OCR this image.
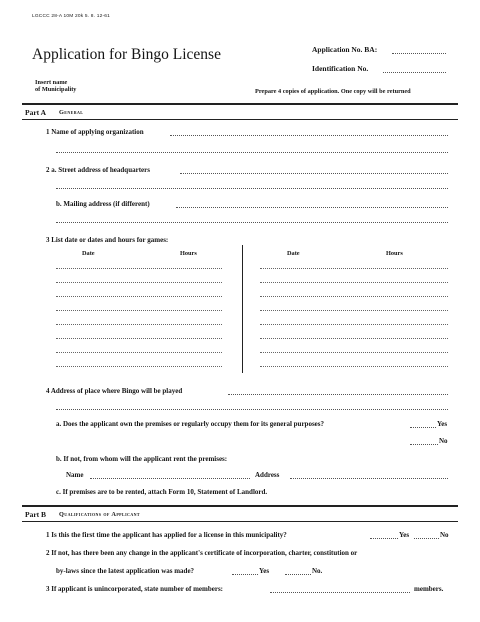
LGCCC 28-A 10M 20k 5. 8. 12-61
Application for Bingo License	Application No. BA:
Identification No.
Insert name
of Municipality	Prepare 4 copies of application. One copy will be returned
Part A General
1 Name of applying organization
2 a. Street address of headquarters
b. Mailing address (if different)
3 List date or dates and hours for games:
Date	Hours	Date	Hours
4 Address of place where Bingo will be played
a. Does the applicant own the premises or regularly occupy them for its general purposes?	Yes
No
b. If not, from whom will the applicant rent the premises:
Name	Address
c. If premises are to be rented, attach Form 10, Statement of Landlord.
Part B Qualifications of Applicant
1 Is this the first time the applicant has applied for a license in this municipality?	Yes	No
2 If not, has there been any change in the applicant's certificate of incorporation, charter, constitution or
by-laws since the latest application was made?	Yes	No.
3 If applicant is unincorporated, state number of members:	members.
